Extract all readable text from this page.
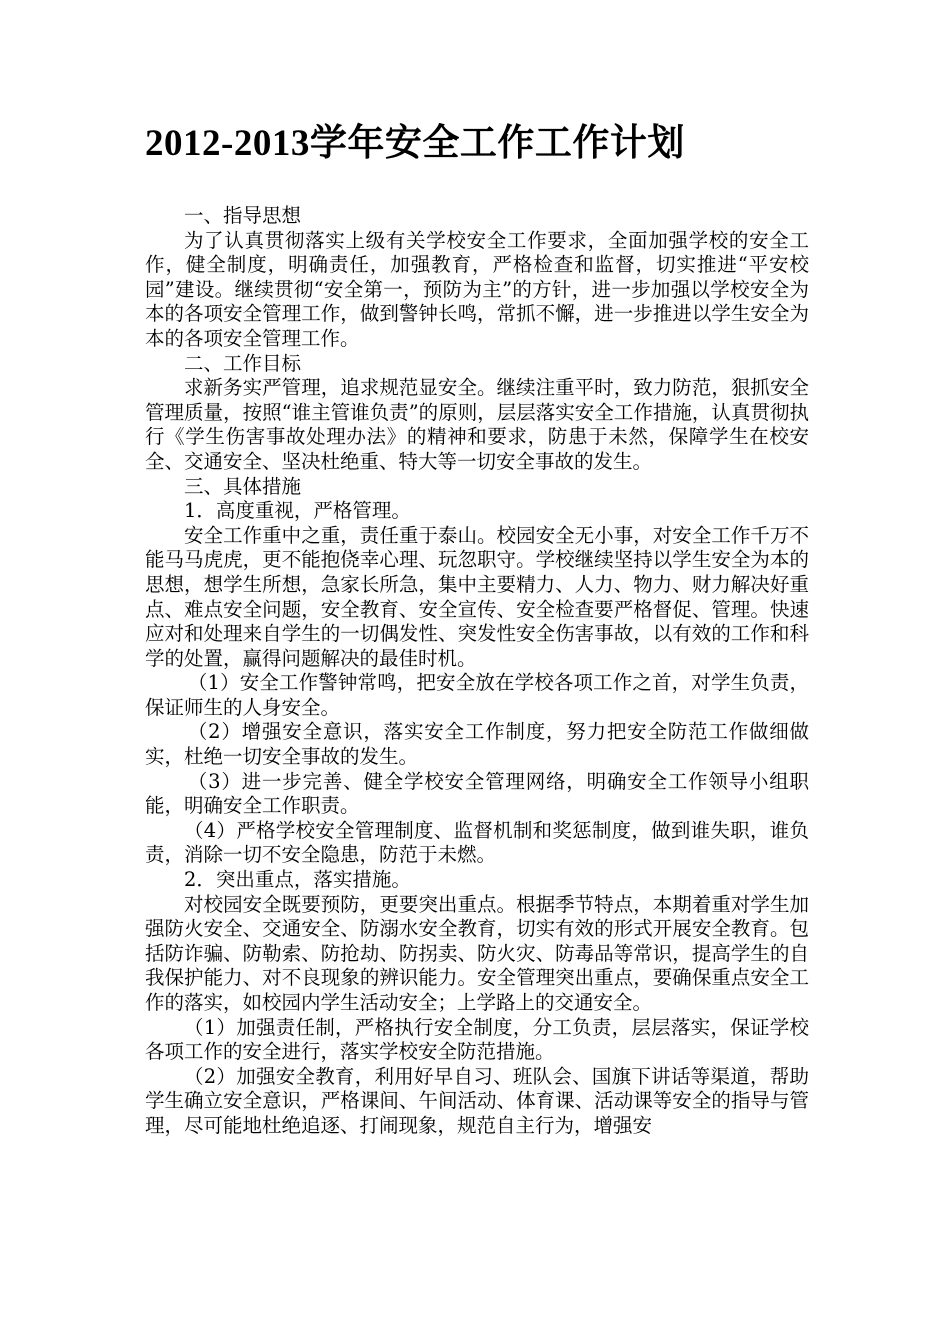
2012-2013学年安全工作工作计划

一、指导思想

为了认真贯彻落实上级有关学校安全工作要求，全面加强学校的安全工作，健全制度，明确责任，加强教育，严格检查和监督，切实推进“平安校园”建设。继续贯彻“安全第一，预防为主”的方针，进一步加强以学校安全为本的各项安全管理工作，做到警钟长鸣，常抓不懈，进一步推进以学生安全为本的各项安全管理工作。

二、工作目标

求新务实严管理，追求规范显安全。继续注重平时，致力防范，狠抓安全管理质量，按照“谁主管谁负责”的原则，层层落实安全工作措施，认真贯彻执行《学生伤害事故处理办法》的精神和要求，防患于未然，保障学生在校安全、交通安全、坚决杜绝重、特大等一切安全事故的发生。

三、具体措施

1．高度重视，严格管理。

安全工作重中之重，责任重于泰山。校园安全无小事，对安全工作千万不能马马虎虎，更不能抱侥幸心理、玩忽职守。学校继续坚持以学生安全为本的思想，想学生所想，急家长所急，集中主要精力、人力、物力、财力解决好重点、难点安全问题，安全教育、安全宣传、安全检查要严格督促、管理。快速应对和处理来自学生的一切偶发性、突发性安全伤害事故，以有效的工作和科学的处置，赢得问题解决的最佳时机。

（1）安全工作警钟常鸣，把安全放在学校各项工作之首，对学生负责，保证师生的人身安全。

（2）增强安全意识，落实安全工作制度，努力把安全防范工作做细做实，杜绝一切安全事故的发生。

（3）进一步完善、健全学校安全管理网络，明确安全工作领导小组职能，明确安全工作职责。

（4）严格学校安全管理制度、监督机制和奖惩制度，做到谁失职，谁负责，消除一切不安全隐患，防范于未燃。

2．突出重点，落实措施。

对校园安全既要预防，更要突出重点。根据季节特点，本期着重对学生加强防火安全、交通安全、防溺水安全教育，切实有效的形式开展安全教育。包括防诈骗、防勒索、防抢劫、防拐卖、防火灾、防毒品等常识，提高学生的自我保护能力、对不良现象的辨识能力。安全管理突出重点，要确保重点安全工作的落实，如校园内学生活动安全；上学路上的交通安全。

（1）加强责任制，严格执行安全制度，分工负责，层层落实，保证学校各项工作的安全进行，落实学校安全防范措施。

（2）加强安全教育，利用好早自习、班队会、国旗下讲话等渠道，帮助学生确立安全意识，严格课间、午间活动、体育课、活动课等安全的指导与管理，尽可能地杜绝追逐、打闹现象，规范自主行为，增强安
